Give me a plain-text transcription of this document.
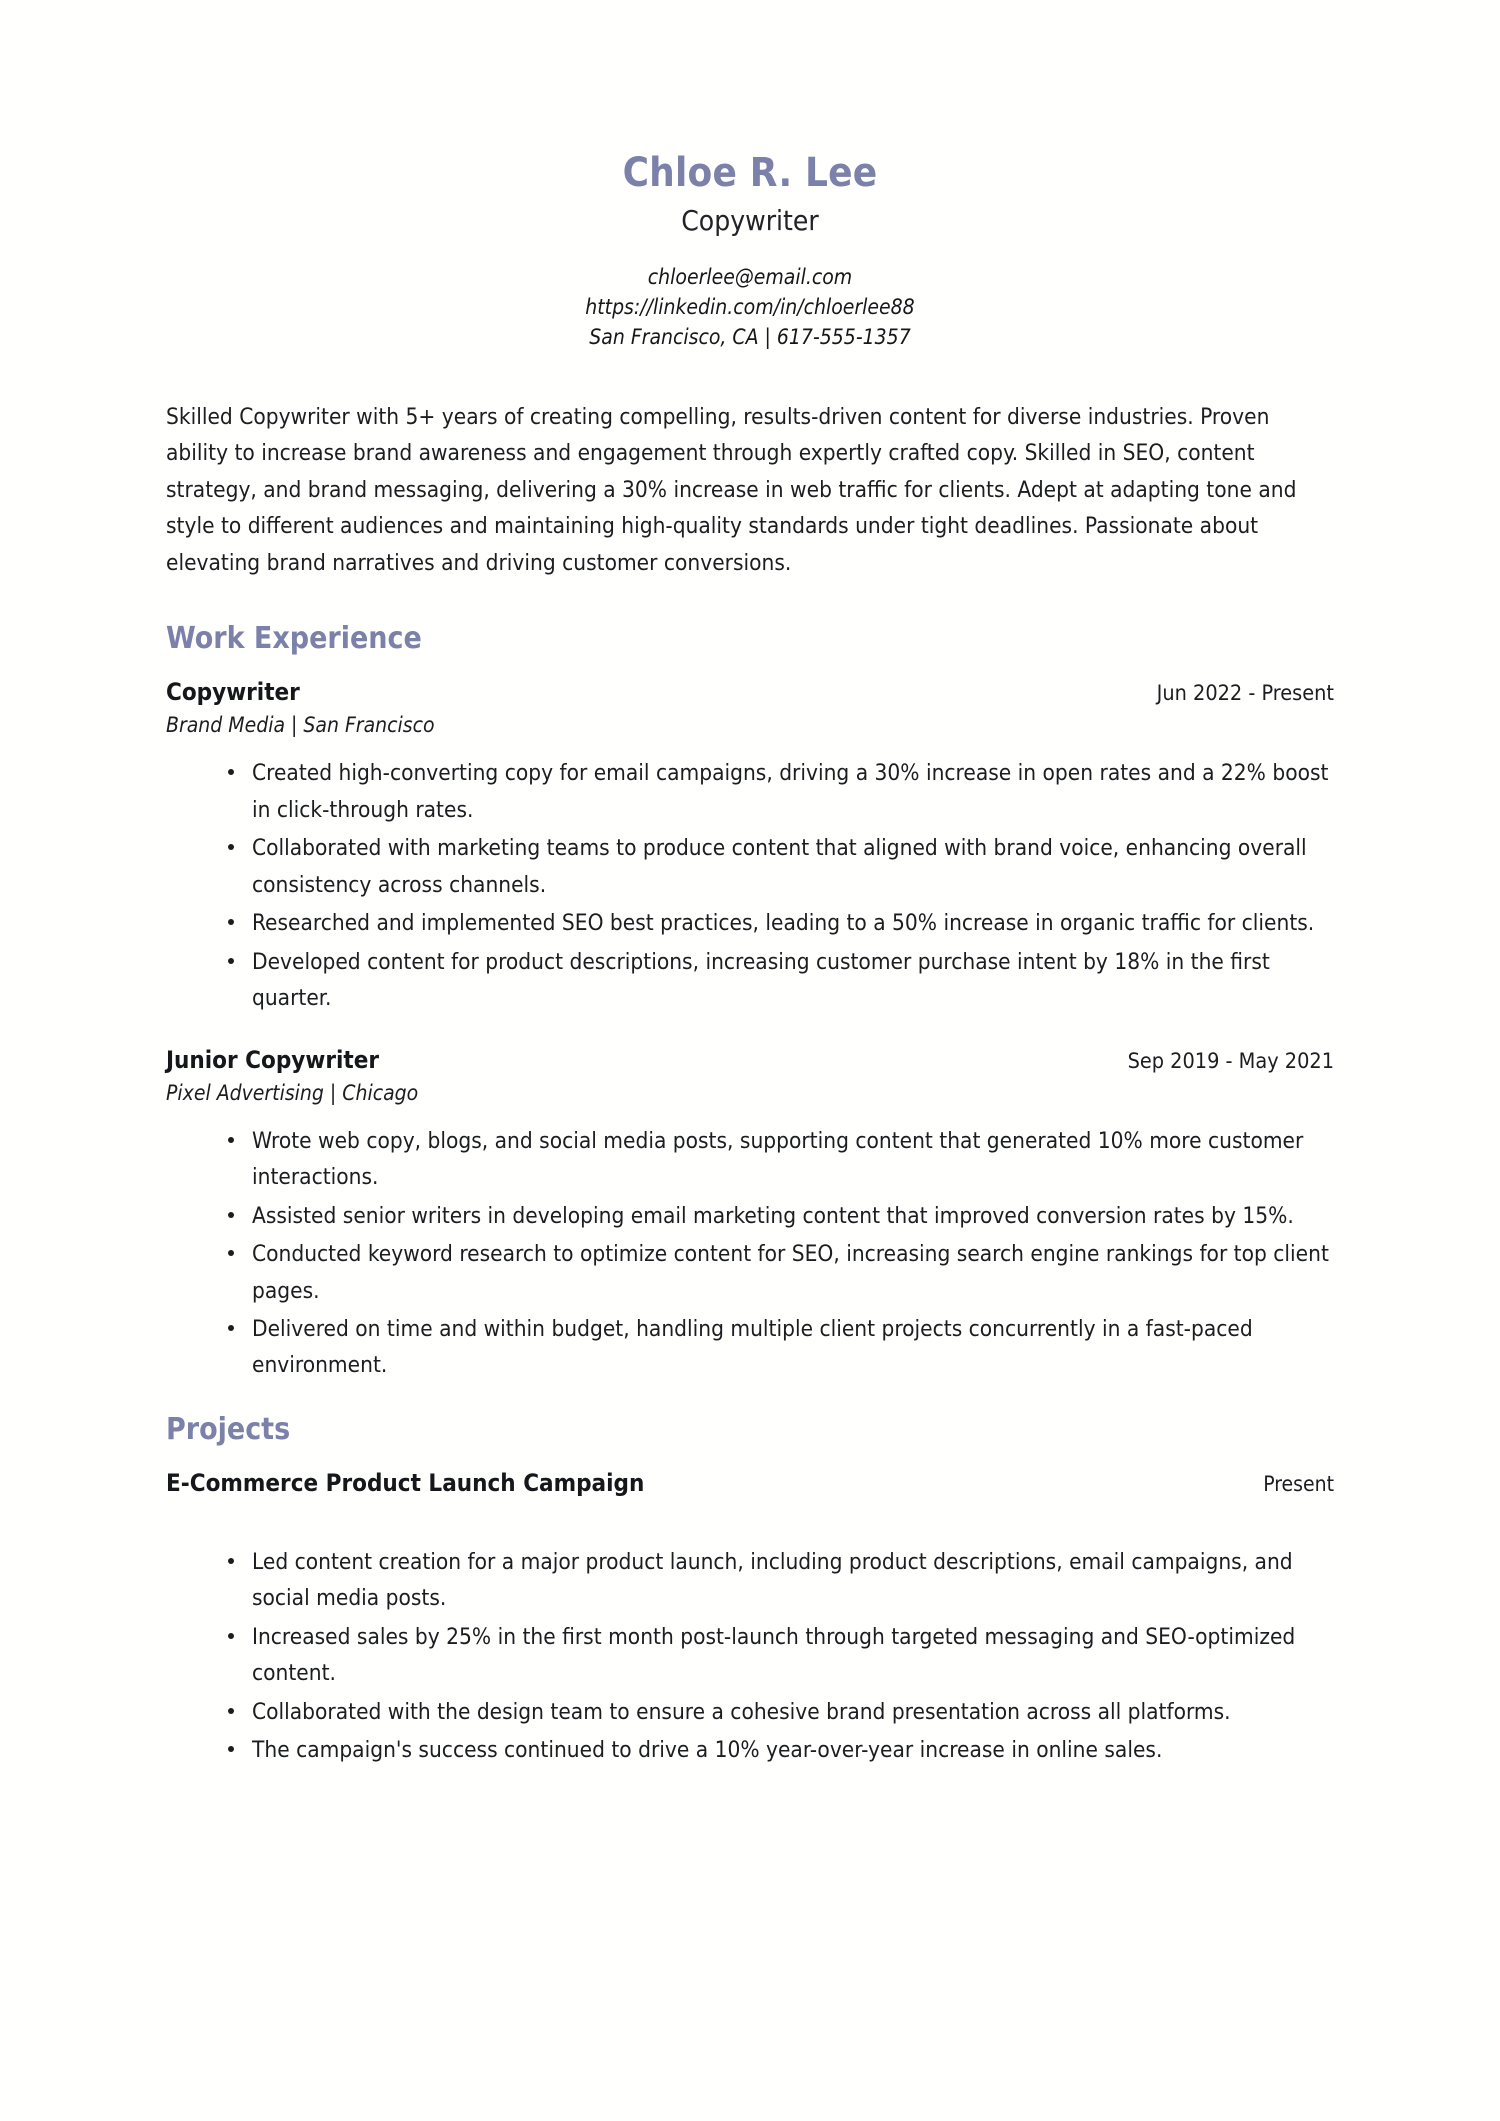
Chloe R. Lee
Copywriter
chloerlee@email.com
https://linkedin.com/in/chloerlee88
San Francisco, CA | 617-555-1357

Skilled Copywriter with 5+ years of creating compelling, results-driven content for diverse industries. Proven ability to increase brand awareness and engagement through expertly crafted copy. Skilled in SEO, content strategy, and brand messaging, delivering a 30% increase in web traffic for clients. Adept at adapting tone and style to different audiences and maintaining high-quality standards under tight deadlines. Passionate about elevating brand narratives and driving customer conversions.

Work Experience
Copywriter
Brand Media | San Francisco
Jun 2022 - Present
Created high-converting copy for email campaigns, driving a 30% increase in open rates and a 22% boost in click-through rates.
Collaborated with marketing teams to produce content that aligned with brand voice, enhancing overall consistency across channels.
Researched and implemented SEO best practices, leading to a 50% increase in organic traffic for clients.
Developed content for product descriptions, increasing customer purchase intent by 18% in the first quarter.
Junior Copywriter
Pixel Advertising | Chicago
Sep 2019 - May 2021
Wrote web copy, blogs, and social media posts, supporting content that generated 10% more customer interactions.
Assisted senior writers in developing email marketing content that improved conversion rates by 15%.
Conducted keyword research to optimize content for SEO, increasing search engine rankings for top client pages.
Delivered on time and within budget, handling multiple client projects concurrently in a fast-paced environment.
Projects
E-Commerce Product Launch Campaign	Present
Led content creation for a major product launch, including product descriptions, email campaigns, and social media posts.
Increased sales by 25% in the first month post-launch through targeted messaging and SEO-optimized content.
Collaborated with the design team to ensure a cohesive brand presentation across all platforms.
The campaign's success continued to drive a 10% year-over-year increase in online sales.
